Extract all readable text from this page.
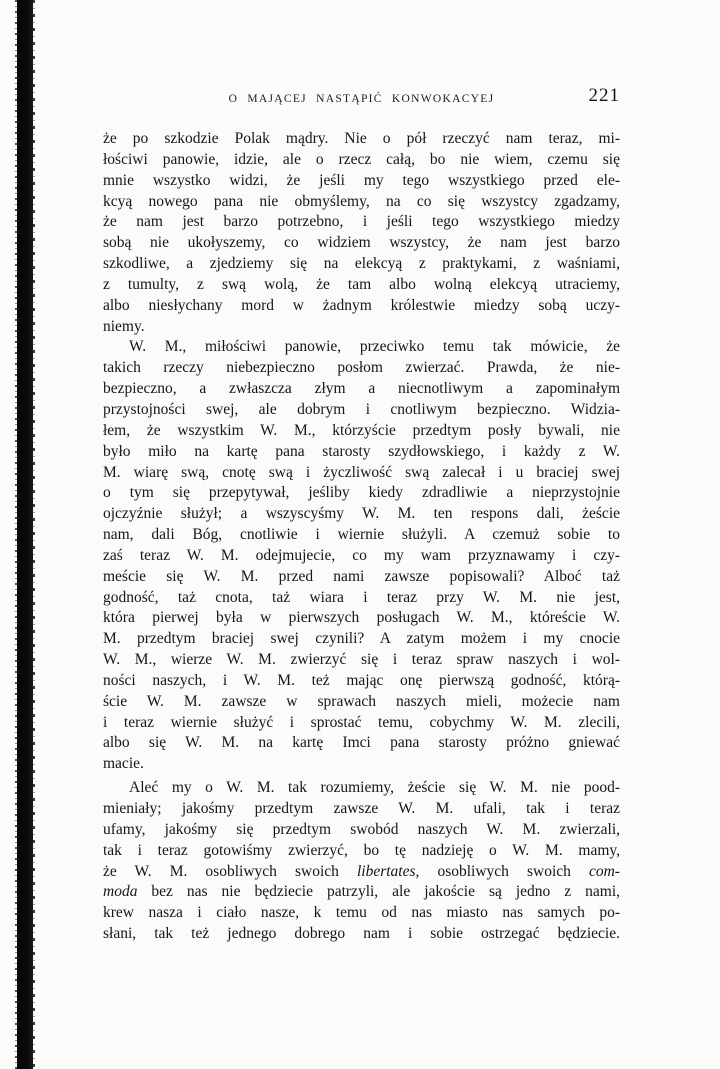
O MAJĄCEJ NASTĄPIĆ KONWOKACYEJ	221
że po szkodzie Polak mądry. Nie o pół rzeczyć nam teraz, mi-
łościwi panowie, idzie, ale o rzecz całą, bo nie wiem, czemu się
mnie wszystko widzi, że jeśli my tego wszystkiego przed ele-
kcyą nowego pana nie obmyślemy, na co się wszystcy zgadzamy,
że nam jest barzo potrzebno, i jeśli tego wszystkiego miedzy
sobą nie ukołyszemy, co widziem wszystcy, że nam jest barzo
szkodliwe, a zjedziemy się na elekcyą z praktykami, z waśniami,
z tumulty, z swą wolą, że tam albo wolną elekcyą utraciemy,
albo niesłychany mord w żadnym królestwie miedzy sobą uczy-
niemy.
W. M., miłościwi panowie, przeciwko temu tak mówicie, że
takich rzeczy niebezpieczno posłom zwierzać. Prawda, że nie-
bezpieczno, a zwłaszcza złym a niecnotliwym a zapominałym
przystojności swej, ale dobrym i cnotliwym bezpieczno. Widzia-
łem, że wszystkim W. M., którzyście przedtym posły bywali, nie
było miło na kartę pana starosty szydłowskiego, i każdy z W.
M. wiarę swą, cnotę swą i życzliwość swą zalecał i u braciej swej
o tym się przepytywał, jeśliby kiedy zdradliwie a nieprzystojnie
ojczyźnie służył; a wszyscyśmy W. M. ten respons dali, żeście
nam, dali Bóg, cnotliwie i wiernie służyli. A czemuż sobie to
zaś teraz W. M. odejmujecie, co my wam przyznawamy i czy-
meście się W. M. przed nami zawsze popisowali? Alboć taż
godność, taż cnota, taż wiara i teraz przy W. M. nie jest,
która pierwej była w pierwszych posługach W. M., któreście W.
M. przedtym braciej swej czynili? A zatym możem i my cnocie
W. M., wierze W. M. zwierzyć się i teraz spraw naszych i wol-
ności naszych, i W. M. też mając onę pierwszą godność, którą-
ście W. M. zawsze w sprawach naszych mieli, możecie nam
i teraz wiernie służyć i sprostać temu, cobychmy W. M. zlecili,
albo się W. M. na kartę Imci pana starosty próżno gniewać
macie.
Aleć my o W. M. tak rozumiemy, żeście się W. M. nie pood-
mieniały; jakośmy przedtym zawsze W. M. ufali, tak i teraz
ufamy, jakośmy się przedtym swobód naszych W. M. zwierzali,
tak i teraz gotowiśmy zwierzyć, bo tę nadzieję o W. M. mamy,
że W. M. osobliwych swoich libertates, osobliwych swoich com-
moda bez nas nie będziecie patrzyli, ale jakoście są jedno z nami,
krew nasza i ciało nasze, k temu od nas miasto nas samych po-
słani, tak też jednego dobrego nam i sobie ostrzegać będziecie.
